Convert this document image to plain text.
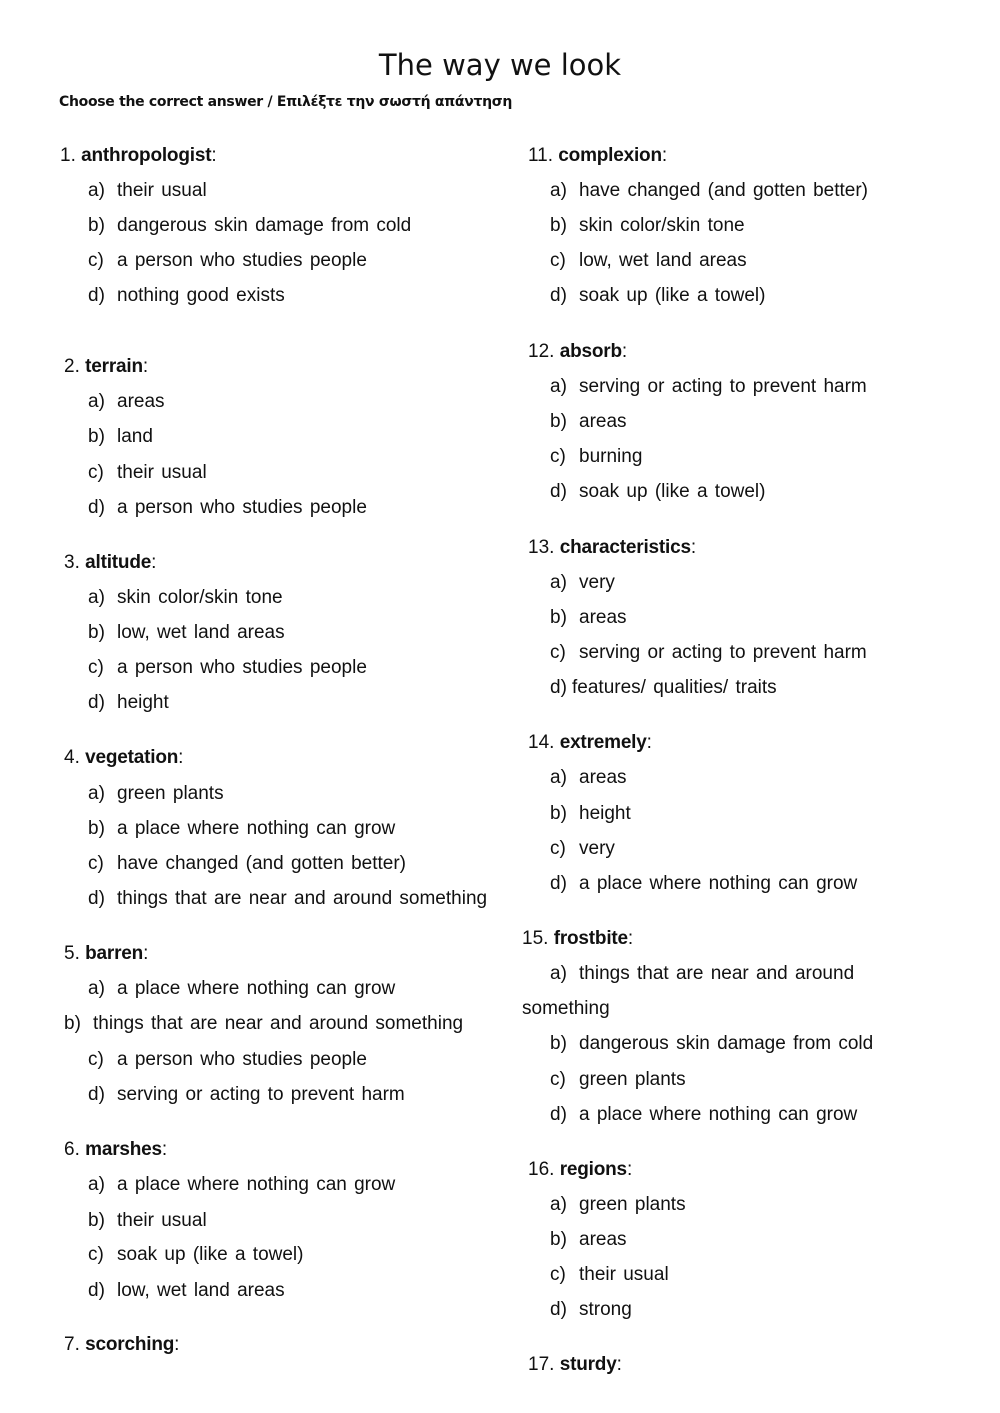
The way we look
Choose the correct answer / Επιλέξτε την σωστή απάντηση
1. anthropologist:
a) their usual
b) dangerous skin damage from cold
c) a person who studies people
d) nothing good exists
2. terrain:
a) areas
b) land
c) their usual
d) a person who studies people
3. altitude:
a) skin color/skin tone
b) low, wet land areas
c) a person who studies people
d) height
4. vegetation:
a) green plants
b) a place where nothing can grow
c) have changed (and gotten better)
d) things that are near and around something
5. barren:
a) a place where nothing can grow
b) things that are near and around something
c) a person who studies people
d) serving or acting to prevent harm
6. marshes:
a) a place where nothing can grow
b) their usual
c) soak up (like a towel)
d) low, wet land areas
7. scorching:
11. complexion:
a) have changed (and gotten better)
b) skin color/skin tone
c) low, wet land areas
d) soak up (like a towel)
12. absorb:
a) serving or acting to prevent harm
b) areas
c) burning
d) soak up (like a towel)
13. characteristics:
a) very
b) areas
c) serving or acting to prevent harm
d) features/ qualities/ traits
14. extremely:
a) areas
b) height
c) very
d) a place where nothing can grow
15. frostbite:
a) things that are near and around
something
b) dangerous skin damage from cold
c) green plants
d) a place where nothing can grow
16. regions:
a) green plants
b) areas
c) their usual
d) strong
17. sturdy:
